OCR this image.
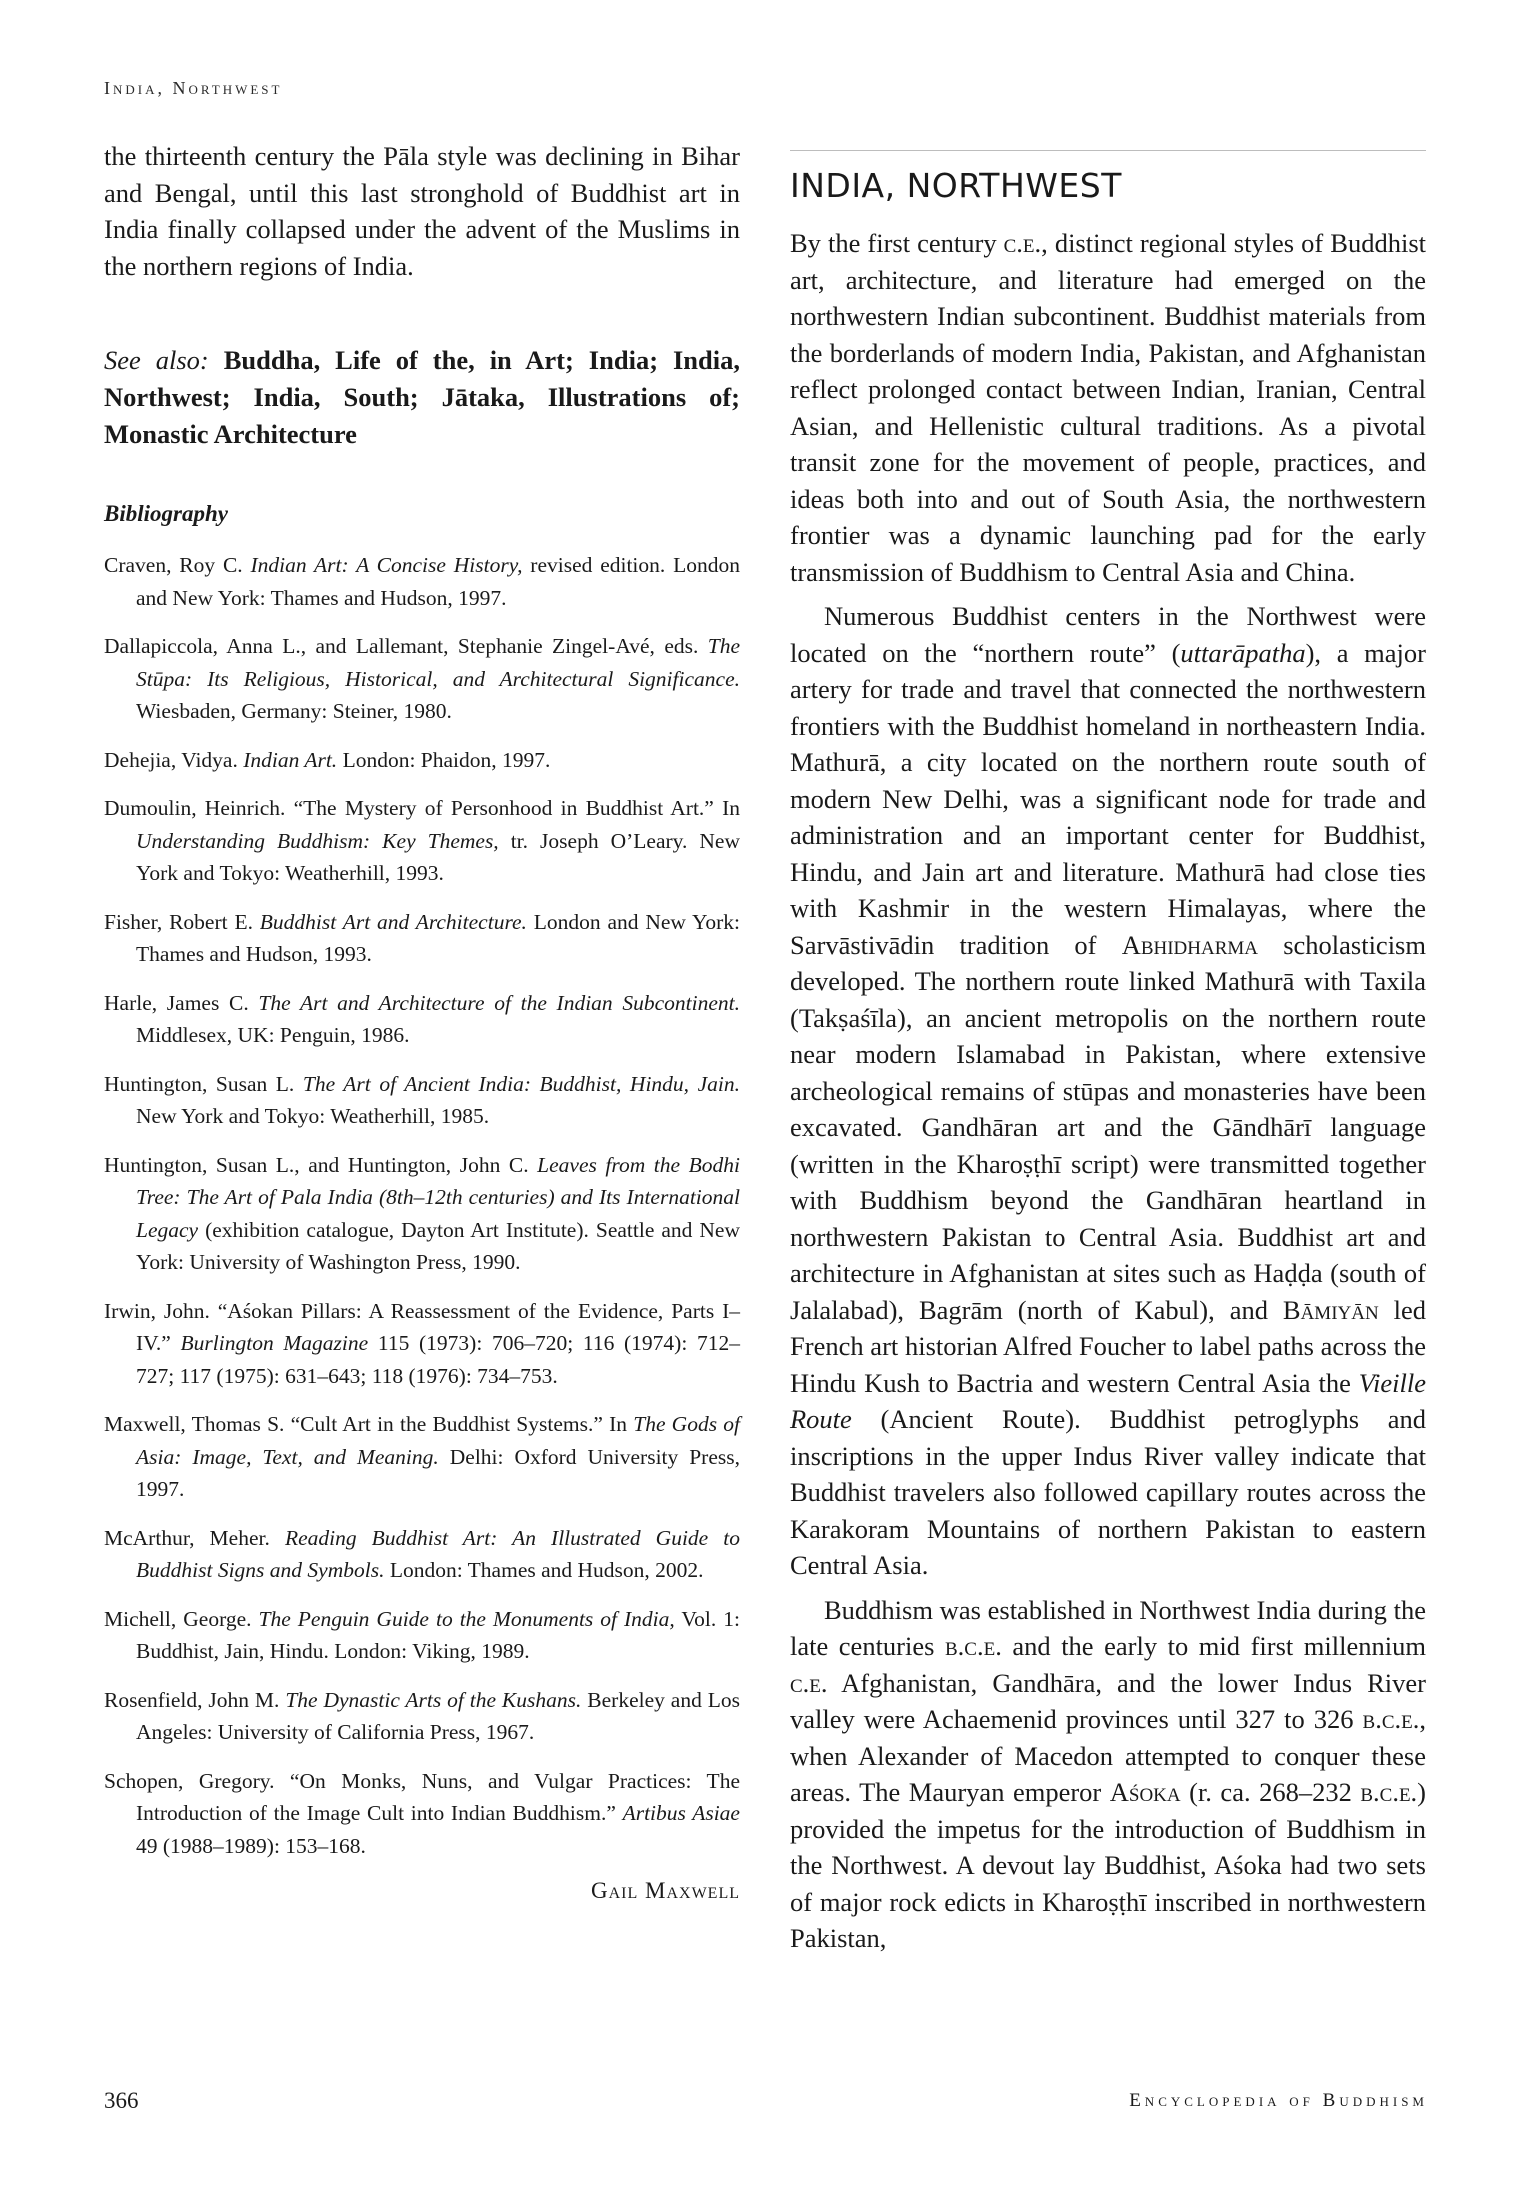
India, Northwest

the thirteenth century the Pāla style was declining in Bihar and Bengal, until this last stronghold of Buddhist art in India finally collapsed under the advent of the Muslims in the northern regions of India.

See also: Buddha, Life of the, in Art; India; India, Northwest; India, South; Jātaka, Illustrations of; Monastic Architecture
Bibliography

Craven, Roy C. Indian Art: A Concise History, revised edition. London and New York: Thames and Hudson, 1997.

Dallapiccola, Anna L., and Lallemant, Stephanie Zingel-Avé, eds. The Stūpa: Its Religious, Historical, and Architectural Significance. Wiesbaden, Germany: Steiner, 1980.

Dehejia, Vidya. Indian Art. London: Phaidon, 1997.

Dumoulin, Heinrich. “The Mystery of Personhood in Buddhist Art.” In Understanding Buddhism: Key Themes, tr. Joseph O’Leary. New York and Tokyo: Weatherhill, 1993.

Fisher, Robert E. Buddhist Art and Architecture. London and New York: Thames and Hudson, 1993.

Harle, James C. The Art and Architecture of the Indian Subcontinent. Middlesex, UK: Penguin, 1986.

Huntington, Susan L. The Art of Ancient India: Buddhist, Hindu, Jain. New York and Tokyo: Weatherhill, 1985.

Huntington, Susan L., and Huntington, John C. Leaves from the Bodhi Tree: The Art of Pala India (8th–12th centuries) and Its International Legacy (exhibition catalogue, Dayton Art Institute). Seattle and New York: University of Washington Press, 1990.

Irwin, John. “Aśokan Pillars: A Reassessment of the Evidence, Parts I–IV.” Burlington Magazine 115 (1973): 706–720; 116 (1974): 712–727; 117 (1975): 631–643; 118 (1976): 734–753.

Maxwell, Thomas S. “Cult Art in the Buddhist Systems.” In The Gods of Asia: Image, Text, and Meaning. Delhi: Oxford University Press, 1997.

McArthur, Meher. Reading Buddhist Art: An Illustrated Guide to Buddhist Signs and Symbols. London: Thames and Hudson, 2002.

Michell, George. The Penguin Guide to the Monuments of India, Vol. 1: Buddhist, Jain, Hindu. London: Viking, 1989.

Rosenfield, John M. The Dynastic Arts of the Kushans. Berkeley and Los Angeles: University of California Press, 1967.

Schopen, Gregory. “On Monks, Nuns, and Vulgar Practices: The Introduction of the Image Cult into Indian Buddhism.” Artibus Asiae 49 (1988–1989): 153–168.

Gail Maxwell
INDIA, NORTHWEST

By the first century c.e., distinct regional styles of Buddhist art, architecture, and literature had emerged on the northwestern Indian subcontinent. Buddhist materials from the borderlands of modern India, Pakistan, and Afghanistan reflect prolonged contact between Indian, Iranian, Central Asian, and Hellenistic cultural traditions. As a pivotal transit zone for the movement of people, practices, and ideas both into and out of South Asia, the northwestern frontier was a dynamic launching pad for the early transmission of Buddhism to Central Asia and China.

Numerous Buddhist centers in the Northwest were located on the “northern route” (uttarāpatha), a major artery for trade and travel that connected the northwestern frontiers with the Buddhist homeland in northeastern India. Mathurā, a city located on the northern route south of modern New Delhi, was a significant node for trade and administration and an important center for Buddhist, Hindu, and Jain art and literature. Mathurā had close ties with Kashmir in the western Himalayas, where the Sarvāstivādin tradition of Abhidharma scholasticism developed. The northern route linked Mathurā with Taxila (Takṣaśīla), an ancient metropolis on the northern route near modern Islamabad in Pakistan, where extensive archeological remains of stūpas and monasteries have been excavated. Gandhāran art and the Gāndhārī language (written in the Kharoṣṭhī script) were transmitted together with Buddhism beyond the Gandhāran heartland in northwestern Pakistan to Central Asia. Buddhist art and architecture in Afghanistan at sites such as Haḍḍa (south of Jalalabad), Bagrām (north of Kabul), and Bāmiyān led French art historian Alfred Foucher to label paths across the Hindu Kush to Bactria and western Central Asia the Vieille Route (Ancient Route). Buddhist petroglyphs and inscriptions in the upper Indus River valley indicate that Buddhist travelers also followed capillary routes across the Karakoram Mountains of northern Pakistan to eastern Central Asia.

Buddhism was established in Northwest India during the late centuries b.c.e. and the early to mid first millennium c.e. Afghanistan, Gandhāra, and the lower Indus River valley were Achaemenid provinces until 327 to 326 b.c.e., when Alexander of Macedon attempted to conquer these areas. The Mauryan emperor Aśoka (r. ca. 268–232 b.c.e.) provided the impetus for the introduction of Buddhism in the Northwest. A devout lay Buddhist, Aśoka had two sets of major rock edicts in Kharoṣṭhī inscribed in northwestern Pakistan,

366	Encyclopedia of Buddhism
